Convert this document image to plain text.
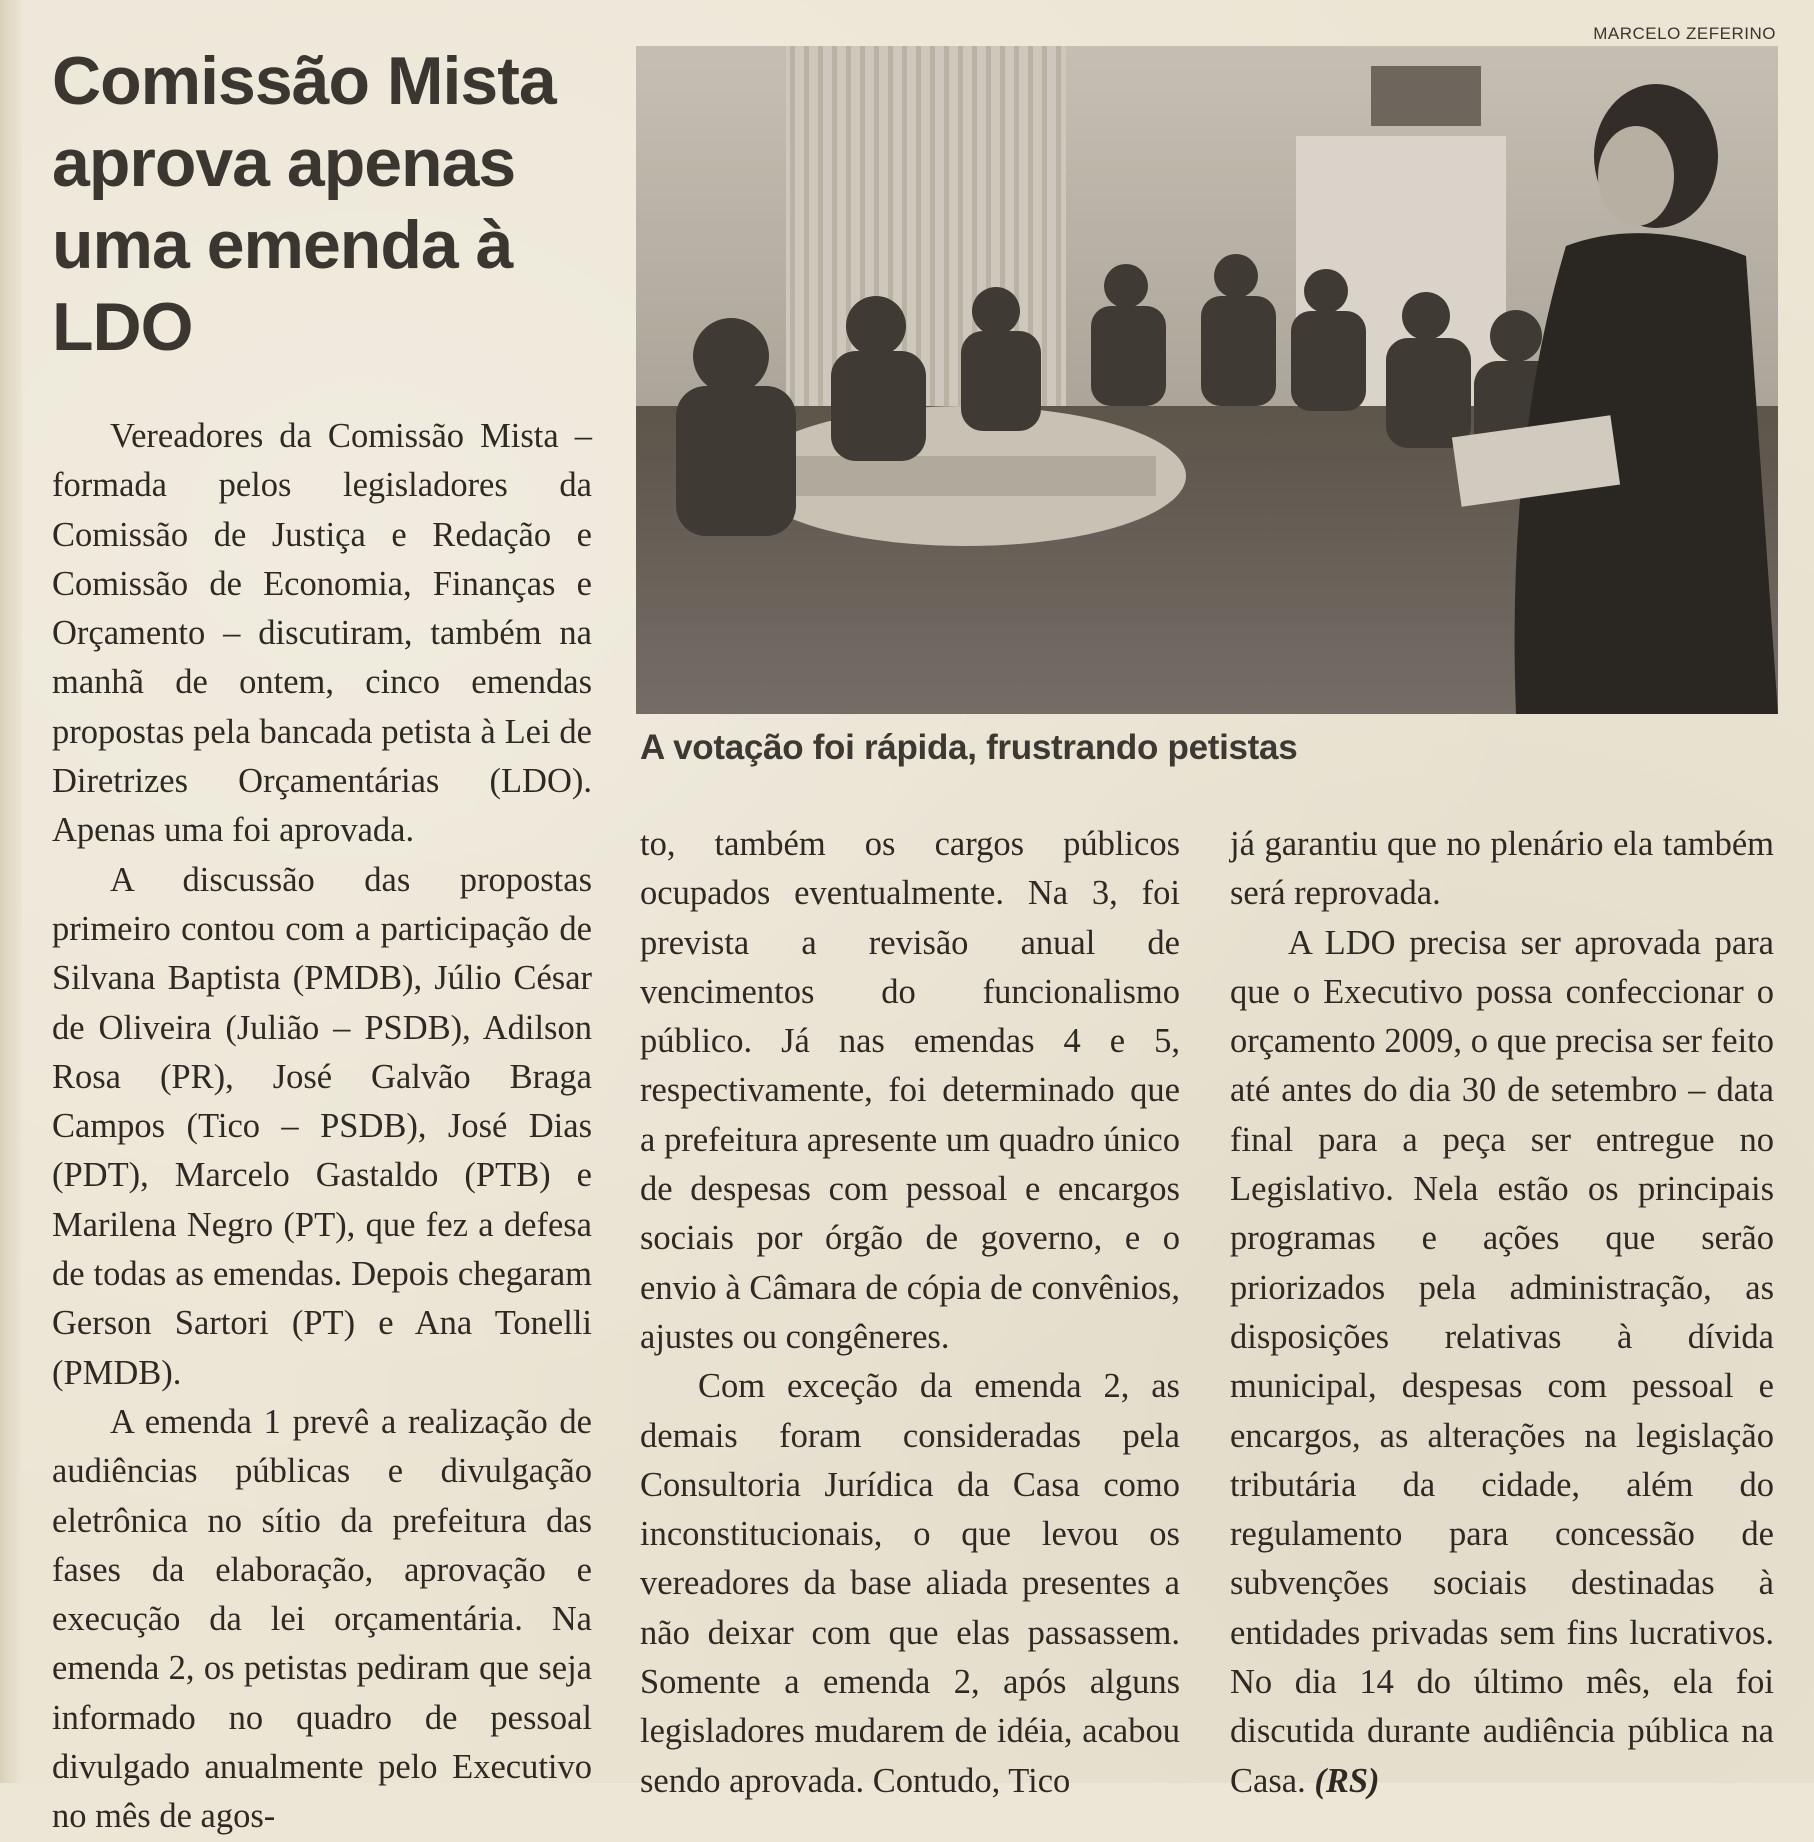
Comissão Mista aprova apenas uma emenda à LDO
MARCELO ZEFERINO

A votação foi rápida, frustrando petistas

Vereadores da Comissão Mista – formada pelos legisladores da Comissão de Justiça e Redação e Comissão de Economia, Finanças e Orçamento – discutiram, também na manhã de ontem, cinco emendas propostas pela bancada petista à Lei de Diretrizes Orçamentárias (LDO). Apenas uma foi aprovada.

A discussão das propostas primeiro contou com a participação de Silvana Baptista (PMDB), Júlio César de Oliveira (Julião – PSDB), Adilson Rosa (PR), José Galvão Braga Campos (Tico – PSDB), José Dias (PDT), Marcelo Gastaldo (PTB) e Marilena Negro (PT), que fez a defesa de todas as emendas. Depois chegaram Gerson Sartori (PT) e Ana Tonelli (PMDB).

A emenda 1 prevê a realização de audiências públicas e divulgação eletrônica no sítio da prefeitura das fases da elaboração, aprovação e execução da lei orçamentária. Na emenda 2, os petistas pediram que seja informado no quadro de pessoal divulgado anualmente pelo Executivo no mês de agos-

to, também os cargos públicos ocupados eventualmente. Na 3, foi prevista a revisão anual de vencimentos do funcionalismo público. Já nas emendas 4 e 5, respectivamente, foi determinado que a prefeitura apresente um quadro único de despesas com pessoal e encargos sociais por órgão de governo, e o envio à Câmara de cópia de convênios, ajustes ou congêneres.

Com exceção da emenda 2, as demais foram consideradas pela Consultoria Jurídica da Casa como inconstitucionais, o que levou os vereadores da base aliada presentes a não deixar com que elas passassem. Somente a emenda 2, após alguns legisladores mudarem de idéia, acabou sendo aprovada. Contudo, Tico

já garantiu que no plenário ela também será reprovada.

A LDO precisa ser aprovada para que o Executivo possa confeccionar o orçamento 2009, o que precisa ser feito até antes do dia 30 de setembro – data final para a peça ser entregue no Legislativo. Nela estão os principais programas e ações que serão priorizados pela administração, as disposições relativas à dívida municipal, despesas com pessoal e encargos, as alterações na legislação tributária da cidade, além do regulamento para concessão de subvenções sociais destinadas à entidades privadas sem fins lucrativos. No dia 14 do último mês, ela foi discutida durante audiência pública na Casa. (RS)
